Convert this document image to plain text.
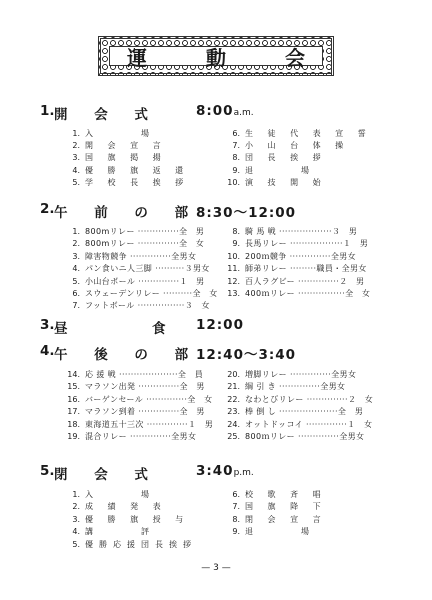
運 動 会
1. 開 会 式	8:00a.m.
1. 入　　　場
2. 開 会 宣 言
3. 国 旗 掲 揚
4. 優 勝 旗 返 還
5. 学 校 長 挨 拶
6. 生 徒 代 表 宣 誓
7. 小 山 台 体 操
8. 団 長 挨 拶
9. 退　　　場
10. 演 技 開 始
2. 午 前 の 部
8:30〜12:00
1. 800mリレー ··············全　男
2. 800mリレー ··············全　女
3. 障害物競争 ··············全男女
4. パン食いニ人三脚 ··········３男女
5. 小山台ボール ··············１　男
6. スウェーデンリレー ··········全　女
7. フットボール ················３　女
8. 騎 馬 戦 ··················３　男
9. 長馬リレー ··················１　男
10. 200ｍ競争 ··············全男女
11. 師弟リレー ·········職員・全男女
12. 百人ラグビー ··············２　男
13. 400ｍリレー ················全　女
3. 昼　　　食 12:00
4. 午 後 の 部
12:40〜3:40
14. 応 援 戦 ····················全　員
15. マラソン出発 ··············全　男
16. バーゲンセール ··············全　女
17. マラソン到着 ··············全　男
18. 東海道五十三次 ··············１　男
19. 混合リレー ··············全男女
20. 増脚リレー ··············全男女
21. 綱 引 き ··············全男女
22. なわとびリレー ··············２　女
23. 棒 倒 し ····················全　男
24. オットドッコイ ··············１　女
25. 800ｍリレー ··············全男女
5. 閉 会 式	3:40p.m.
1. 入　　　場
2. 成 績 発 表
3. 優 勝 旗 授 与
4. 講　　　評
5. 優勝応援団長挨拶
6. 校 歌 斉 唱
7. 国 旗 降 下
8. 閉 会 宣 言
9. 退　　　場
— 3 —
